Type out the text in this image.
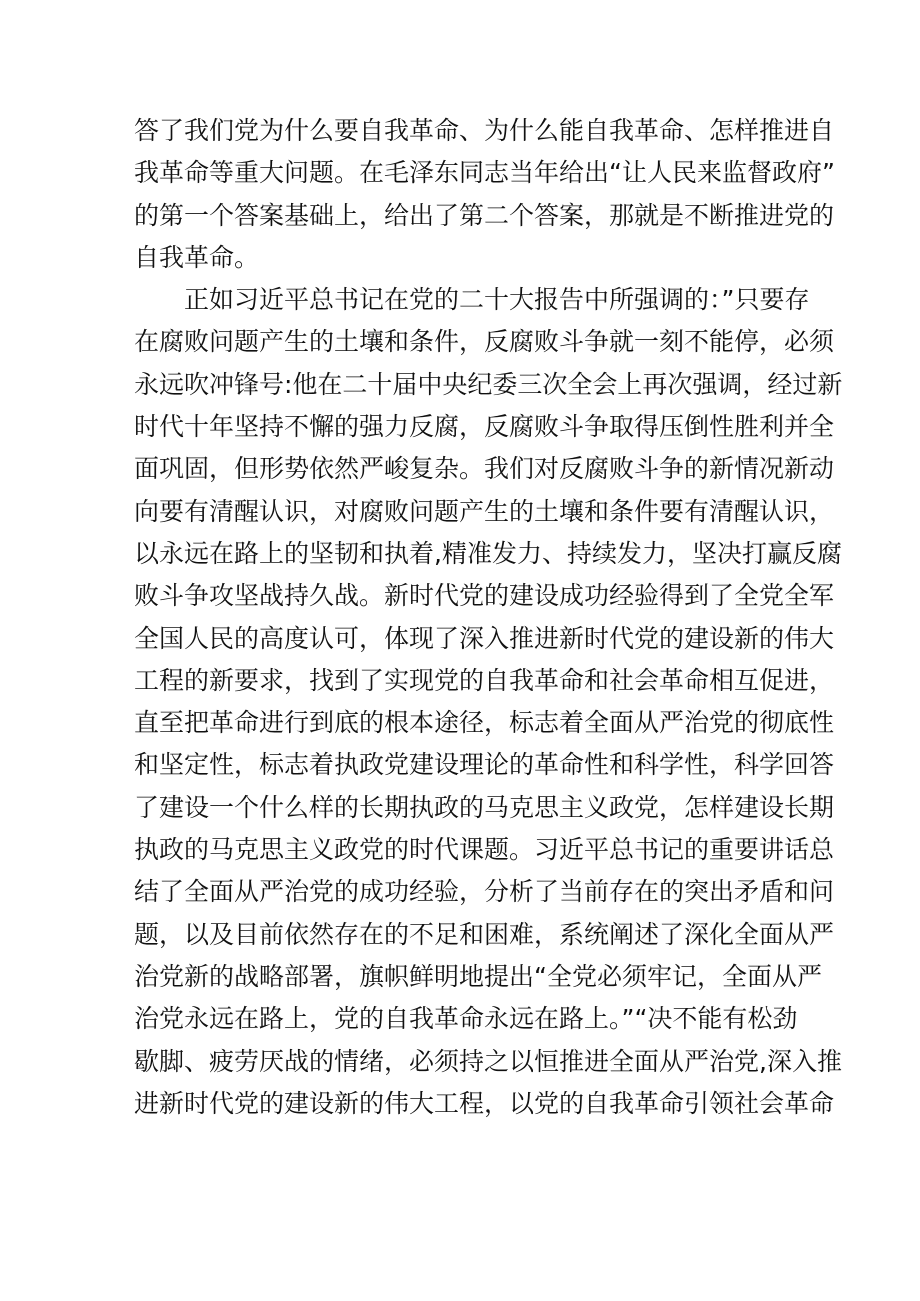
答了我们党为什么要自我革命、为什么能自我革命、怎样推进自
我革命等重大问题。在毛泽东同志当年给出“让人民来监督政府”
的第一个答案基础上，给出了第二个答案，那就是不断推进党的
自我革命。
正如习近平总书记在党的二十大报告中所强调的：”只要存
在腐败问题产生的土壤和条件，反腐败斗争就一刻不能停，必须
永远吹冲锋号:他在二十届中央纪委三次全会上再次强调，经过新
时代十年坚持不懈的强力反腐，反腐败斗争取得压倒性胜利并全
面巩固，但形势依然严峻复杂。我们对反腐败斗争的新情况新动
向要有清醒认识，对腐败问题产生的土壤和条件要有清醒认识，
以永远在路上的坚韧和执着,精准发力、持续发力，坚决打赢反腐
败斗争攻坚战持久战。新时代党的建设成功经验得到了全党全军
全国人民的高度认可，体现了深入推进新时代党的建设新的伟大
工程的新要求，找到了实现党的自我革命和社会革命相互促进，
直至把革命进行到底的根本途径，标志着全面从严治党的彻底性
和坚定性，标志着执政党建设理论的革命性和科学性，科学回答
了建设一个什么样的长期执政的马克思主义政党，怎样建设长期
执政的马克思主义政党的时代课题。习近平总书记的重要讲话总
结了全面从严治党的成功经验，分析了当前存在的突出矛盾和问
题，以及目前依然存在的不足和困难，系统阐述了深化全面从严
治党新的战略部署，旗帜鲜明地提出“全党必须牢记，全面从严
治党永远在路上，党的自我革命永远在路上。”“决不能有松劲
歇脚、疲劳厌战的情绪，必须持之以恒推进全面从严治党,深入推
进新时代党的建设新的伟大工程，以党的自我革命引领社会革命
